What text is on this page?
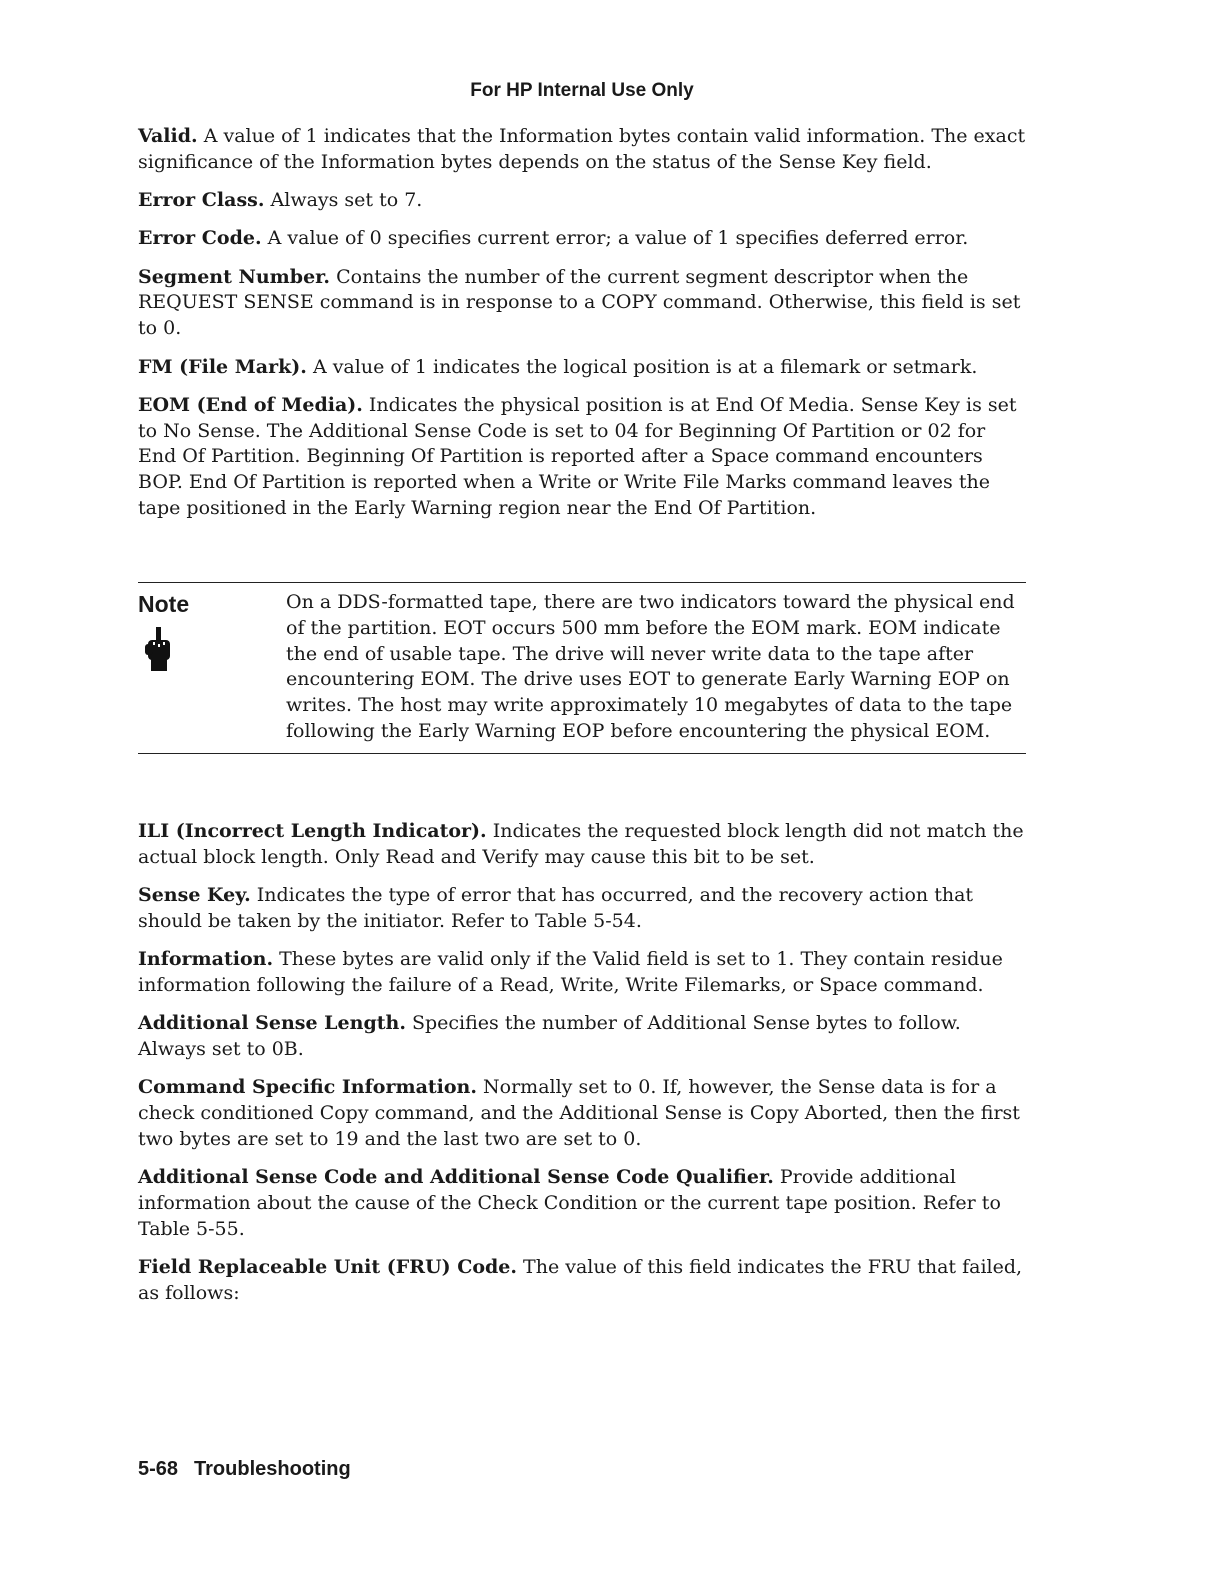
For HP Internal Use Only

Valid. A value of 1 indicates that the Information bytes contain valid information. The exact significance of the Information bytes depends on the status of the Sense Key field.

Error Class. Always set to 7.

Error Code. A value of 0 specifies current error; a value of 1 specifies deferred error.

Segment Number. Contains the number of the current segment descriptor when the REQUEST SENSE command is in response to a COPY command. Otherwise, this field is set to 0.

FM (File Mark). A value of 1 indicates the logical position is at a filemark or setmark.

EOM (End of Media). Indicates the physical position is at End Of Media. Sense Key is set to No Sense. The Additional Sense Code is set to 04 for Beginning Of Partition or 02 for End Of Partition. Beginning Of Partition is reported after a Space command encounters BOP. End Of Partition is reported when a Write or Write File Marks command leaves the tape positioned in the Early Warning region near the End Of Partition.

Note	On a DDS-formatted tape, there are two indicators toward the physical end of the partition. EOT occurs 500 mm before the EOM mark. EOM indicate the end of usable tape. The drive will never write data to the tape after encountering EOM. The drive uses EOT to generate Early Warning EOP on writes. The host may write approximately 10 megabytes of data to the tape following the Early Warning EOP before encountering the physical EOM.

ILI (Incorrect Length Indicator). Indicates the requested block length did not match the actual block length. Only Read and Verify may cause this bit to be set.

Sense Key. Indicates the type of error that has occurred, and the recovery action that should be taken by the initiator. Refer to Table 5-54.

Information. These bytes are valid only if the Valid field is set to 1. They contain residue information following the failure of a Read, Write, Write Filemarks, or Space command.

Additional Sense Length. Specifies the number of Additional Sense bytes to follow. Always set to 0B.

Command Specific Information. Normally set to 0. If, however, the Sense data is for a check conditioned Copy command, and the Additional Sense is Copy Aborted, then the first two bytes are set to 19 and the last two are set to 0.

Additional Sense Code and Additional Sense Code Qualifier. Provide additional information about the cause of the Check Condition or the current tape position. Refer to Table 5-55.

Field Replaceable Unit (FRU) Code. The value of this field indicates the FRU that failed, as follows:

5-68 Troubleshooting
